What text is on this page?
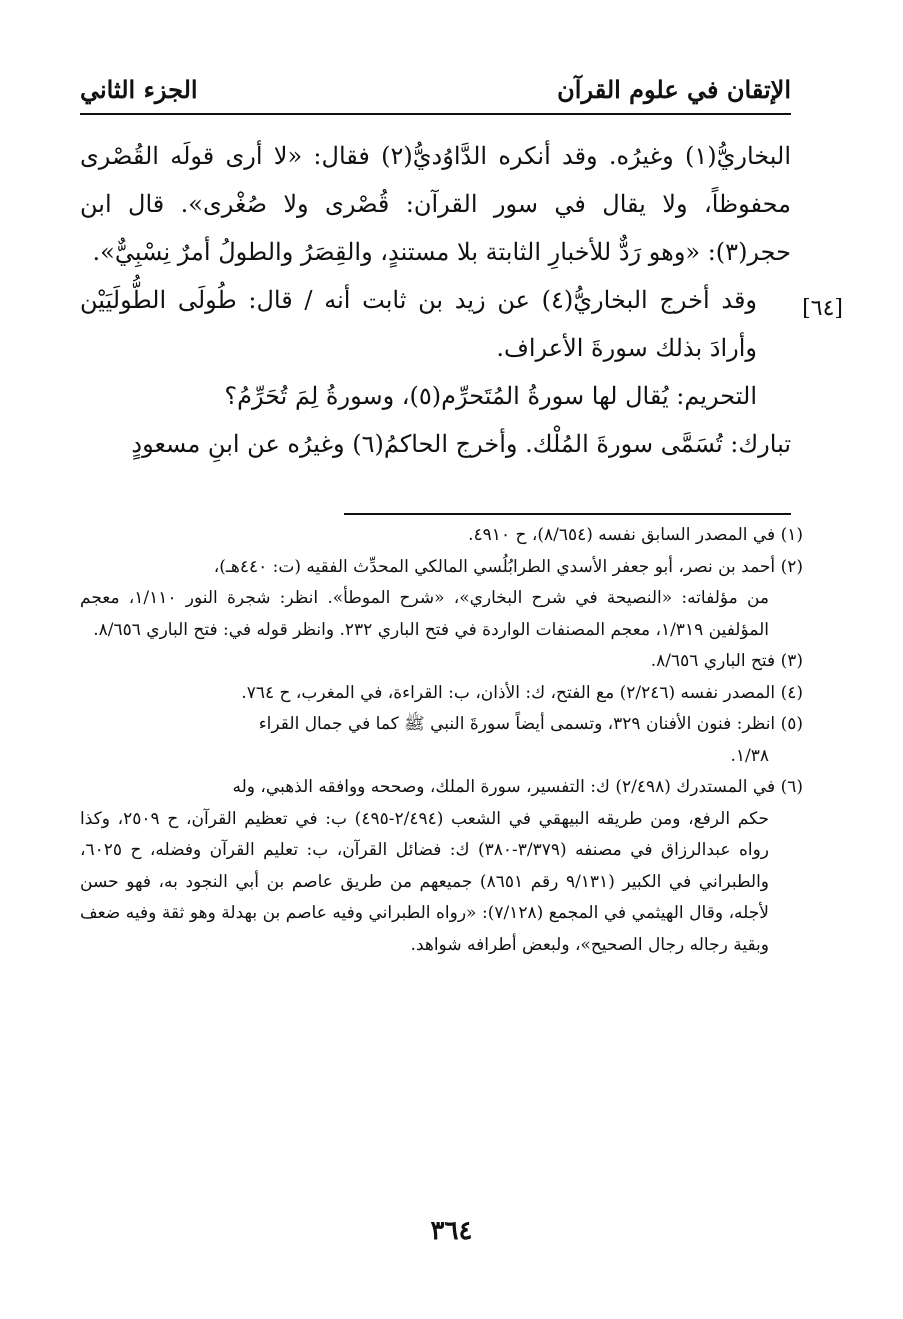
الإتقان في علوم القرآن
الجزء الثاني
[٦٤]

البخاريُّ(١) وغيرُه. وقد أنكره الدَّاوُديُّ(٢) فقال: «لا أرى قولَه القُصْرى محفوظاً، ولا يقال في سور القرآن: قُصْرى ولا صُغْرى». قال ابن حجر(٣): «وهو رَدٌّ للأخبارِ الثابتة بلا مستندٍ، والقِصَرُ والطولُ أمرٌ نِسْبِيٌّ».

وقد أخرج البخاريُّ(٤) عن زيد بن ثابت أنه / قال: طُولَى الطُّولَيَيْن وأرادَ بذلك سورةَ الأعراف.

التحريم: يُقال لها سورةُ المُتَحرِّم(٥)، وسورةُ لِمَ تُحَرِّمُ؟

تبارك: تُسَمَّى سورةَ المُلْك. وأخرج الحاكمُ(٦) وغيرُه عن ابنِ مسعودٍ

(١) في المصدر السابق نفسه (٨/٦٥٤)، ح ٤٩١٠.

(٢) أحمد بن نصر، أبو جعفر الأسدي الطرابُلُسي المالكي المحدِّث الفقيه (ت: ٤٤٠هـ)،
من مؤلفاته: «النصيحة في شرح البخاري»، «شرح الموطأ». انظر: شجرة النور ١/١١٠، معجم المؤلفين ١/٣١٩، معجم المصنفات الواردة في فتح الباري ٢٣٢. وانظر قوله في: فتح الباري ٨/٦٥٦.

(٣) فتح الباري ٨/٦٥٦.

(٤) المصدر نفسه (٢/٢٤٦) مع الفتح، ك: الأذان، ب: القراءة، في المغرب، ح ٧٦٤.

(٥) انظر: فنون الأفنان ٣٢٩، وتسمى أيضاً سورةَ النبي ﷺ كما في جمال القراء
١/٣٨.

(٦) في المستدرك (٢/٤٩٨) ك: التفسير، سورة الملك، وصححه ووافقه الذهبي، وله
حكم الرفع، ومن طريقه البيهقي في الشعب (٢/٤٩٤-٤٩٥) ب: في تعظيم القرآن، ح ٢٥٠٩، وكذا رواه عبدالرزاق في مصنفه (٣/٣٧٩-٣٨٠) ك: فضائل القرآن، ب: تعليم القرآن وفضله، ح ٦٠٢٥، والطبراني في الكبير (٩/١٣١ رقم ٨٦٥١) جميعهم من طريق عاصم بن أبي النجود به، فهو حسن لأجله، وقال الهيثمي في المجمع (٧/١٢٨): «رواه الطبراني وفيه عاصم بن بهدلة وهو ثقة وفيه ضعف وبقية رجاله رجال الصحيح»، ولبعض أطرافه شواهد.

٣٦٤
